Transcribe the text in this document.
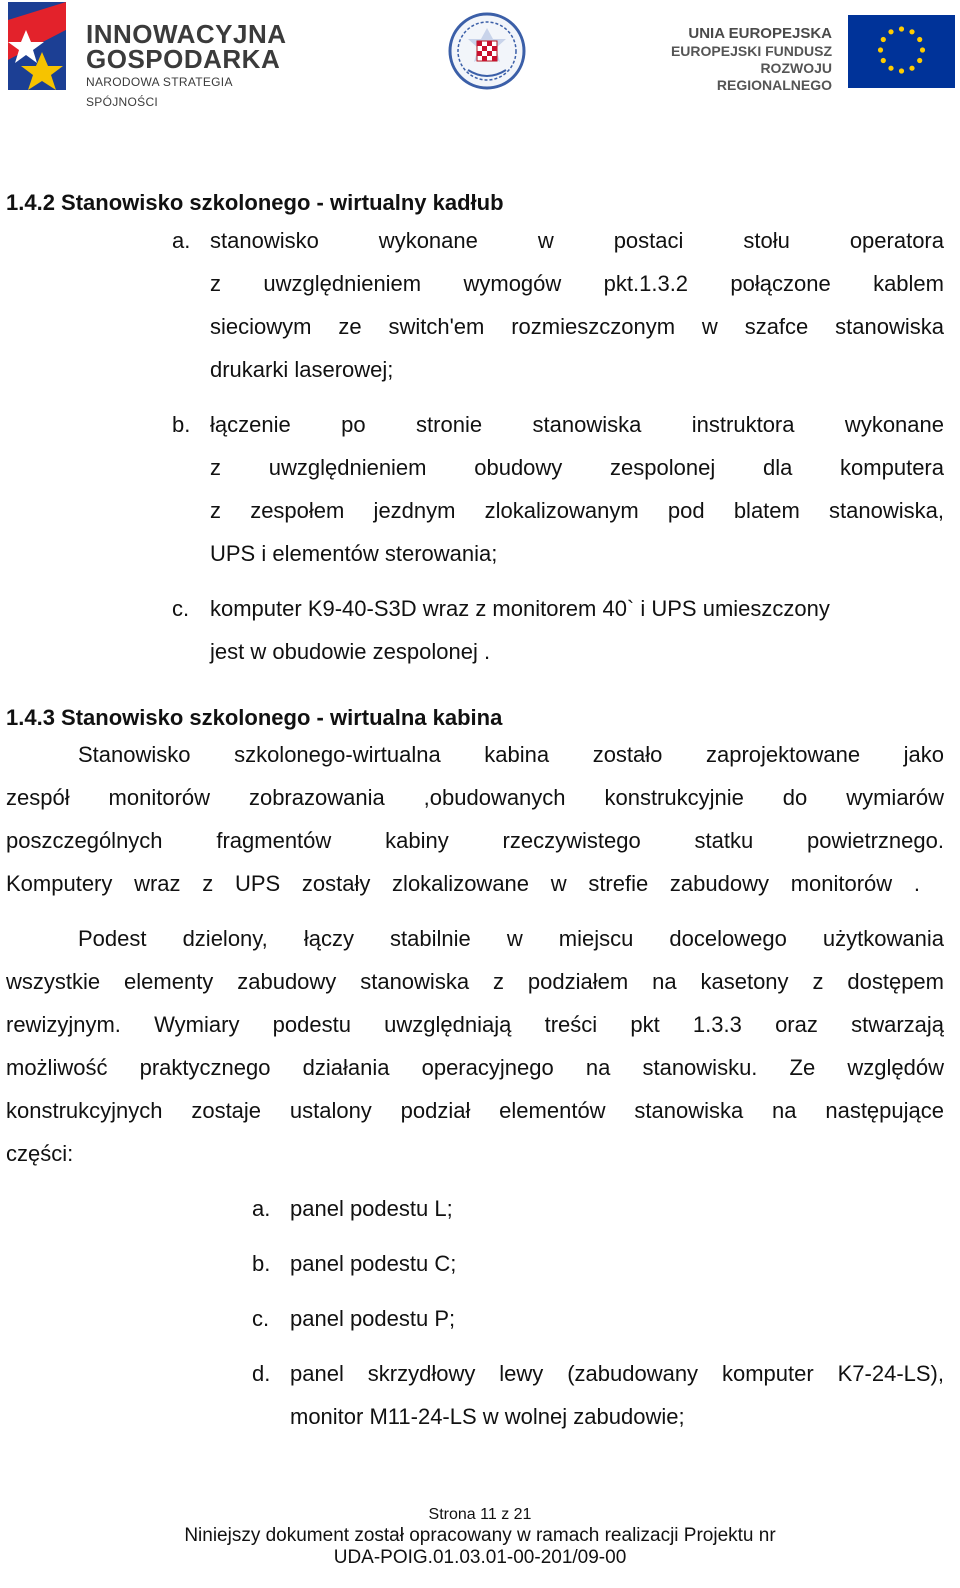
INNOWACYJNA
GOSPODARKA
NARODOWA STRATEGIA SPÓJNOŚCI
UNIA EUROPEJSKA
EUROPEJSKI FUNDUSZ
ROZWOJU REGIONALNEGO
1.4.2 Stanowisko szkolonego - wirtualny kadłub
a. stanowisko wykonane w postaci stołu operatora
z uwzględnieniem wymogów pkt.1.3.2 połączone kablem
sieciowym ze switch'em rozmieszczonym w szafce stanowiska
drukarki laserowej;
b. łączenie po stronie stanowiska instruktora wykonane
z uwzględnieniem obudowy zespolonej dla komputera
z zespołem jezdnym zlokalizowanym pod blatem stanowiska,
UPS i elementów sterowania;
c. komputer K9-40-S3D wraz z monitorem 40` i UPS umieszczony
jest w obudowie zespolonej .
1.4.3 Stanowisko szkolonego - wirtualna kabina
Stanowisko szkolonego-wirtualna kabina zostało zaprojektowane jako
zespół monitorów zobrazowania ,obudowanych konstrukcyjnie do wymiarów
poszczególnych fragmentów kabiny rzeczywistego statku powietrznego.
Komputery wraz z UPS zostały zlokalizowane w strefie zabudowy monitorów .
Podest dzielony, łączy stabilnie w miejscu docelowego użytkowania
wszystkie elementy zabudowy stanowiska z podziałem na kasetony z dostępem
rewizyjnym. Wymiary podestu uwzględniają treści pkt 1.3.3 oraz stwarzają
możliwość praktycznego działania operacyjnego na stanowisku. Ze względów
konstrukcyjnych zostaje ustalony podział elementów stanowiska na następujące
części:
a. panel podestu L;
b. panel podestu C;
c. panel podestu P;
d. panel skrzydłowy lewy (zabudowany komputer K7-24-LS),
monitor M11-24-LS w wolnej zabudowie;
Strona 11 z 21
Niniejszy dokument został opracowany w ramach realizacji Projektu nr
UDA-POIG.01.03.01-00-201/09-00
